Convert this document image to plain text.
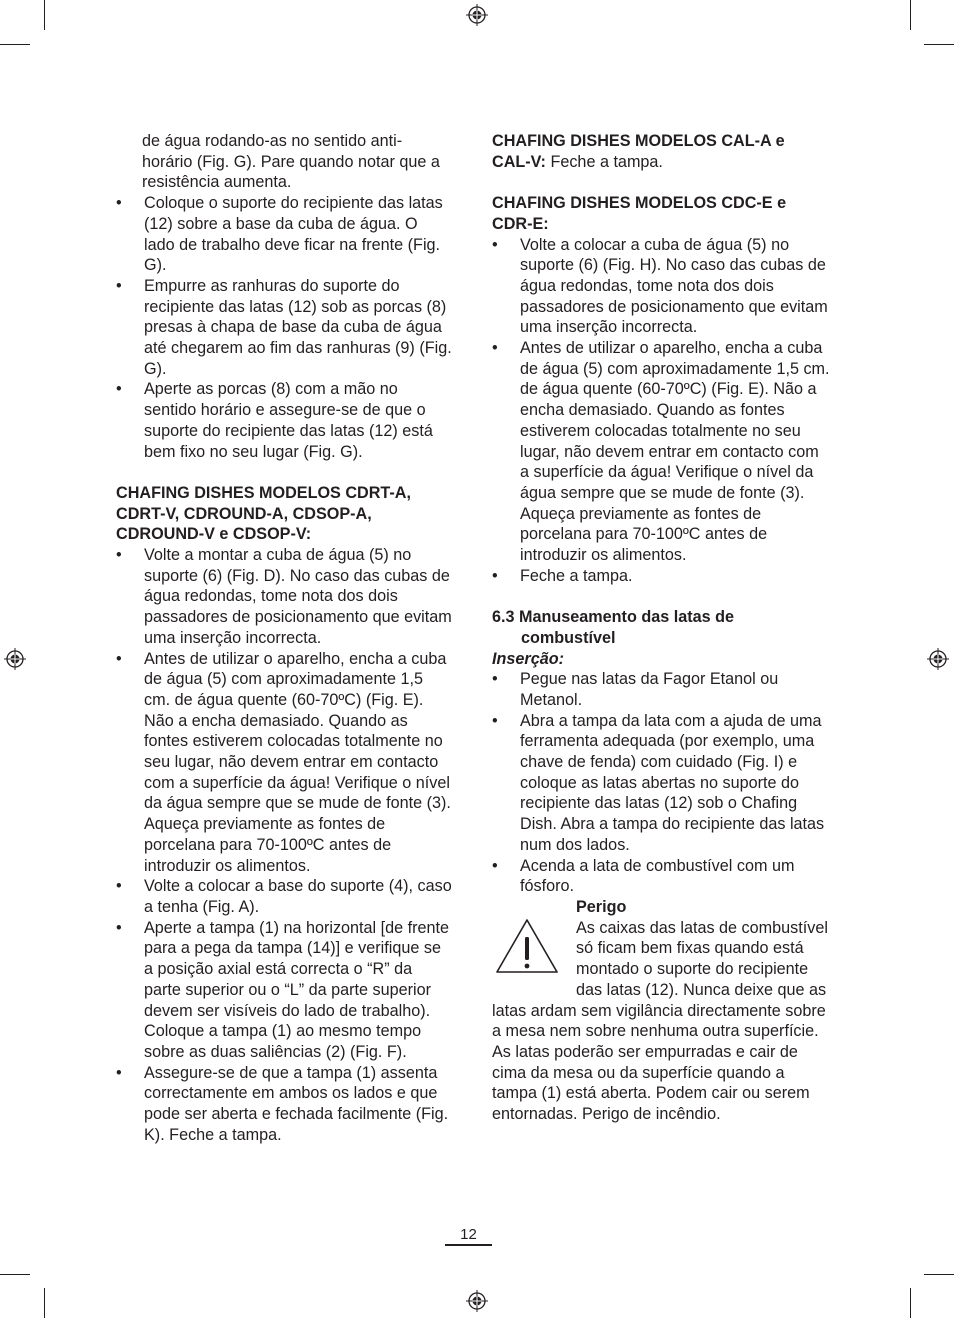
de água rodando-as no sentido anti-horário (Fig. G). Pare quando notar que a resistência aumenta.

• Coloque o suporte do recipiente das latas (12) sobre a base da cuba de água. O lado de trabalho deve ficar na frente (Fig. G).

• Empurre as ranhuras do suporte do recipiente das latas (12) sob as porcas (8) presas à chapa de base da cuba de água até chegarem ao fim das ranhuras (9) (Fig. G).

• Aperte as porcas (8) com a mão no sentido horário e assegure-se de que o suporte do recipiente das latas (12) está bem fixo no seu lugar (Fig. G).

CHAFING DISHES MODELOS CDRT-A, CDRT-V, CDROUND-A, CDSOP-A, CDROUND-V e CDSOP-V:

• Volte a montar a cuba de água (5) no suporte (6) (Fig. D). No caso das cubas de água redondas, tome nota dos dois passadores de posicionamento que evitam uma inserção incorrecta.

• Antes de utilizar o aparelho, encha a cuba de água (5) com aproximadamente 1,5 cm. de água quente (60-70ºC) (Fig. E). Não a encha demasiado. Quando as fontes estiverem colocadas totalmente no seu lugar, não devem entrar em contacto com a superfície da água! Verifique o nível da água sempre que se mude de fonte (3). Aqueça previamente as fontes de porcelana para 70-100ºC antes de introduzir os alimentos.

• Volte a colocar a base do suporte (4), caso a tenha (Fig. A).

• Aperte a tampa (1) na horizontal [de frente para a pega da tampa (14)] e verifique se a posição axial está correcta o “R” da parte superior ou o “L” da parte superior devem ser visíveis do lado de trabalho). Coloque a tampa (1) ao mesmo tempo sobre as duas saliências (2) (Fig. F).

• Assegure-se de que a tampa (1) assenta correctamente em ambos os lados e que pode ser aberta e fechada facilmente (Fig. K). Feche a tampa.

CHAFING DISHES MODELOS CAL-A e CAL-V: Feche a tampa.

CHAFING DISHES MODELOS CDC-E e CDR-E:

• Volte a colocar a cuba de água (5) no suporte (6) (Fig. H). No caso das cubas de água redondas, tome nota dos dois passadores de posicionamento que evitam uma inserção incorrecta.

• Antes de utilizar o aparelho, encha a cuba de água (5) com aproximadamente 1,5 cm. de água quente (60-70ºC) (Fig. E). Não a encha demasiado. Quando as fontes estiverem colocadas totalmente no seu lugar, não devem entrar em contacto com a superfície da água! Verifique o nível da água sempre que se mude de fonte (3). Aqueça previamente as fontes de porcelana para 70-100ºC antes de introduzir os alimentos.

• Feche a tampa.

6.3 Manuseamento das latas de combustível

Inserção:

• Pegue nas latas da Fagor Etanol ou Metanol.

• Abra a tampa da lata com a ajuda de uma ferramenta adequada (por exemplo, uma chave de fenda) com cuidado (Fig. I) e coloque as latas abertas no suporte do recipiente das latas (12) sob o Chafing Dish. Abra a tampa do recipiente das latas num dos lados.

• Acenda a lata de combustível com um fósforo.

Perigo

As caixas das latas de combustível só ficam bem fixas quando está montado o suporte do recipiente das latas (12). Nunca deixe que as latas ardam sem vigilância directamente sobre a mesa nem sobre nenhuma outra superfície. As latas poderão ser empurradas e cair de cima da mesa ou da superfície quando a tampa (1) está aberta. Podem cair ou serem entornadas. Perigo de incêndio.

12
